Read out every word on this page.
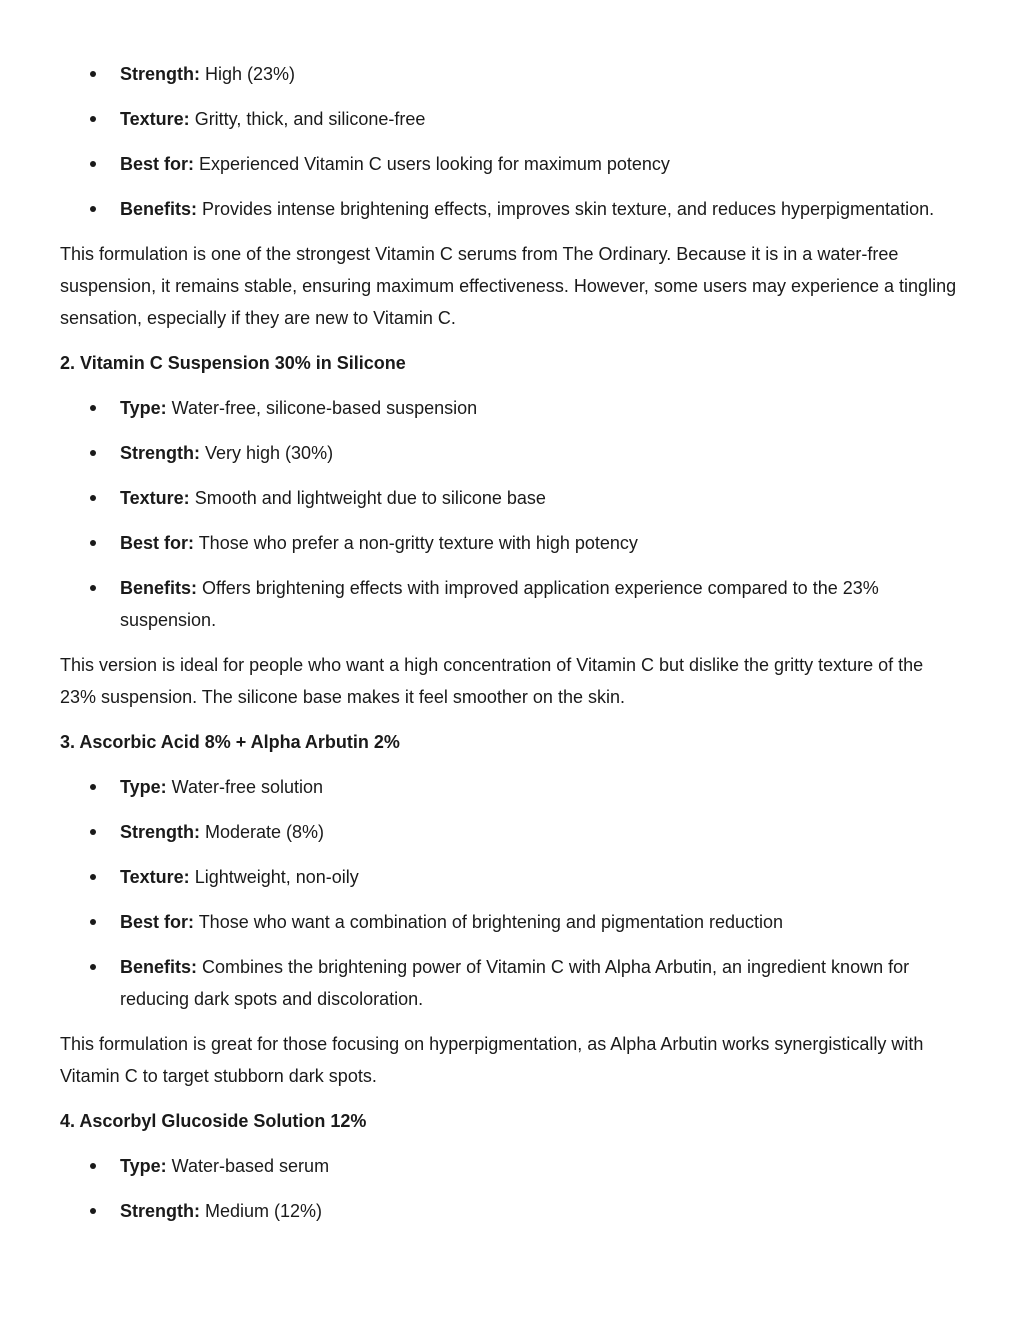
Strength: High (23%)
Texture: Gritty, thick, and silicone-free
Best for: Experienced Vitamin C users looking for maximum potency
Benefits: Provides intense brightening effects, improves skin texture, and reduces hyperpigmentation.

This formulation is one of the strongest Vitamin C serums from The Ordinary. Because it is in a water-free suspension, it remains stable, ensuring maximum effectiveness. However, some users may experience a tingling sensation, especially if they are new to Vitamin C.

2. Vitamin C Suspension 30% in Silicone
Type: Water-free, silicone-based suspension
Strength: Very high (30%)
Texture: Smooth and lightweight due to silicone base
Best for: Those who prefer a non-gritty texture with high potency
Benefits: Offers brightening effects with improved application experience compared to the 23% suspension.

This version is ideal for people who want a high concentration of Vitamin C but dislike the gritty texture of the 23% suspension. The silicone base makes it feel smoother on the skin.

3. Ascorbic Acid 8% + Alpha Arbutin 2%
Type: Water-free solution
Strength: Moderate (8%)
Texture: Lightweight, non-oily
Best for: Those who want a combination of brightening and pigmentation reduction
Benefits: Combines the brightening power of Vitamin C with Alpha Arbutin, an ingredient known for reducing dark spots and discoloration.

This formulation is great for those focusing on hyperpigmentation, as Alpha Arbutin works synergistically with Vitamin C to target stubborn dark spots.

4. Ascorbyl Glucoside Solution 12%
Type: Water-based serum
Strength: Medium (12%)
